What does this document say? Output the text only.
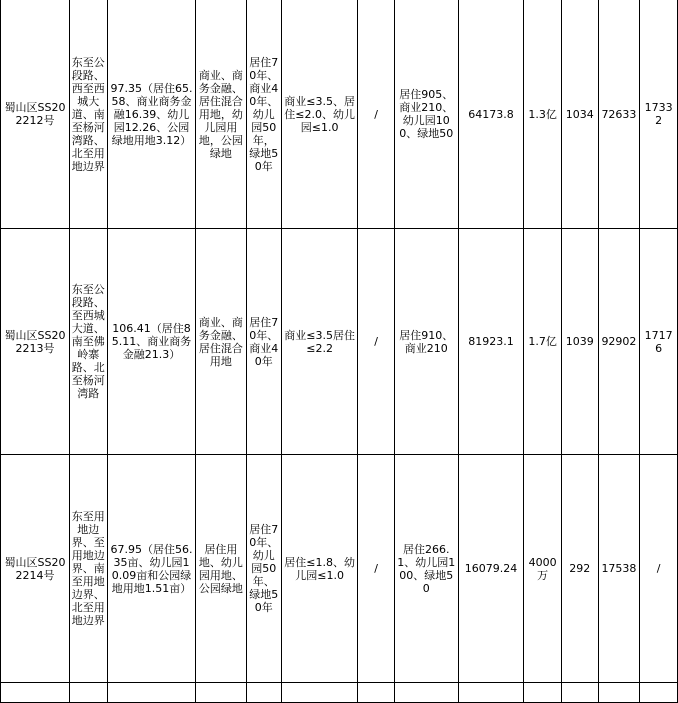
蜀山区SS202212号	东至公段路、西至西城大道、南至杨河湾路、北至用地边界	97.35（居住65.58、商业商务金融16.39、幼儿园12.26、公园绿地用地3.12）	商业、商务金融、居住混合用地，幼儿园用地，公园绿地	居住70年、商业40年、幼儿园50年，绿地50年	商业≤3.5、居住≤2.0、幼儿园≤1.0	/	居住905、商业210、幼儿园100、绿地50	64173.8	1.3亿	1034	72633	17332
蜀山区SS202213号	东至公段路、至西城大道、南至佛岭寨路、北至杨河湾路	106.41（居住85.11、商业商务金融21.3）	商业、商务金融、居住混合用地	居住70年、商业40年	商业≤3.5居住≤2.2	/	居住910、商业210	81923.1	1.7亿	1039	92902	17176
蜀山区SS202214号	东至用地边界、至用地边界、南至用地边界、北至用地边界	67.95（居住56.35亩、幼儿园10.09亩和公园绿地用地1.51亩）	居住用地、幼儿园用地、公园绿地	居住70年、幼儿园50年、绿地50年	居住≤1.8、幼儿园≤1.0	/	居住266.1、幼儿园100、绿地50	16079.24	4000万	292	17538	/
